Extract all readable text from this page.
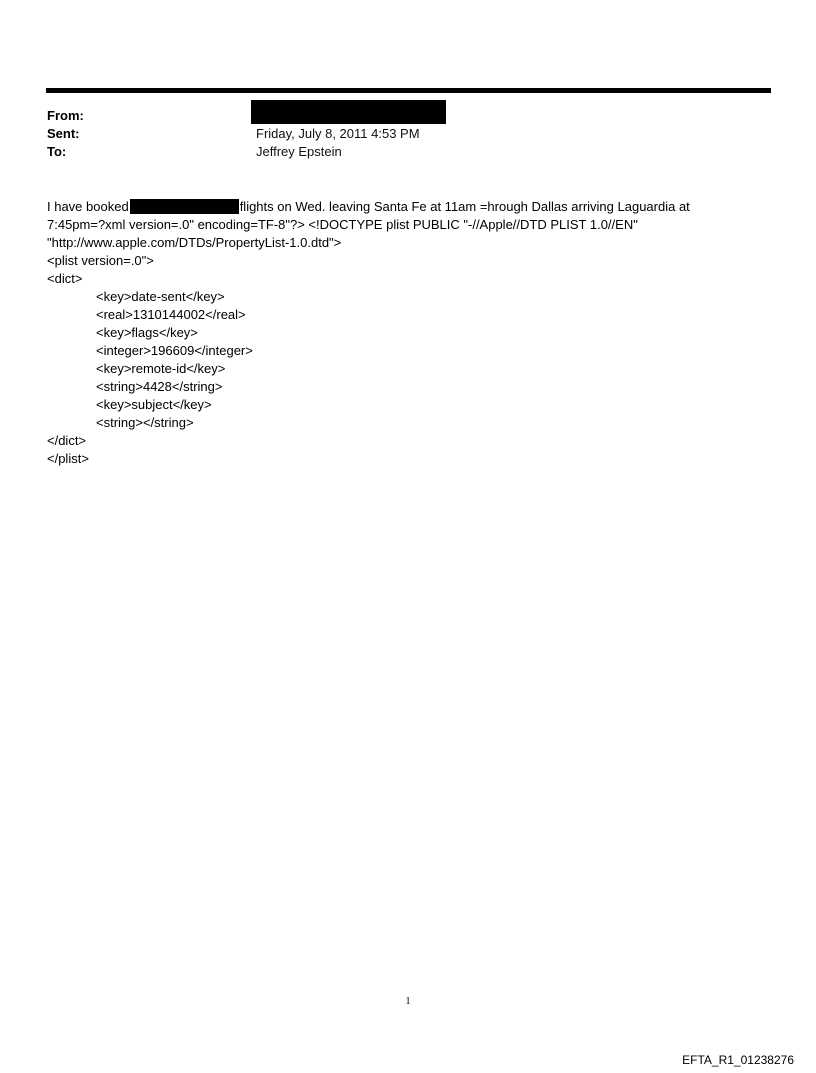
From:
Sent:	Friday, July 8, 2011 4:53 PM
To:	Jeffrey Epstein
I have booked	flights on Wed. leaving Santa Fe at 11am =hrough Dallas arriving Laguardia at
7:45pm=?xml version=.0" encoding=TF-8"?> <!DOCTYPE plist PUBLIC "-//Apple//DTD PLIST 1.0//EN"
"http://www.apple.com/DTDs/PropertyList-1.0.dtd">
<plist version=.0">
<dict>
<key>date-sent</key>
<real>1310144002</real>
<key>flags</key>
<integer>196609</integer>
<key>remote-id</key>
<string>4428</string>
<key>subject</key>
<string></string>
</dict>
</plist>
1
EFTA_R1_01238276
